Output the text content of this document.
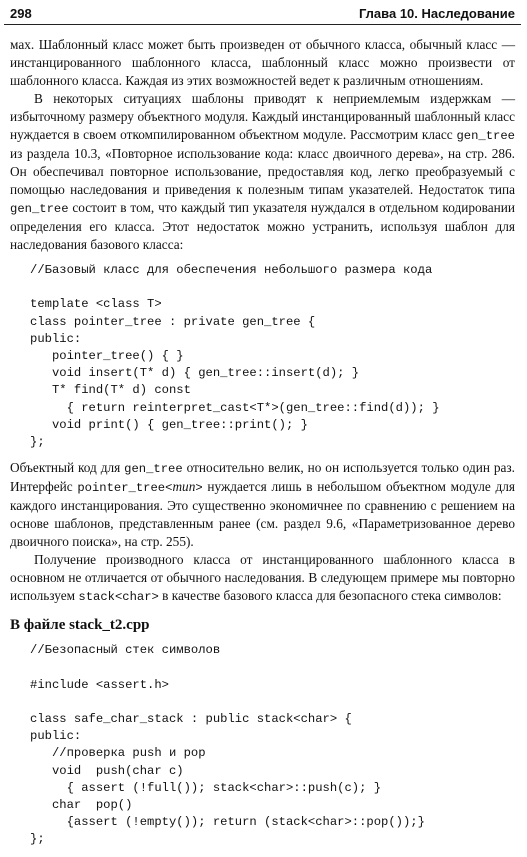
298	Глава 10. Наследование

мах. Шаблонный класс может быть произведен от обычного класса, обычный класс — инстанцированного шаблонного класса, шаблонный класс можно произвести от шаблонного класса. Каждая из этих возможностей ведет к различным отношениям.

В некоторых ситуациях шаблоны приводят к неприемлемым издержкам — избыточному размеру объектного модуля. Каждый инстанцированный шаблонный класс нуждается в своем откомпилированном объектном модуле. Рассмотрим класс gen_tree из раздела 10.3, «Повторное использование кода: класс двоичного дерева», на стр. 286. Он обеспечивал повторное использование, предоставляя код, легко преобразуемый с помощью наследования и приведения к полезным типам указателей. Недостаток типа gen_tree состоит в том, что каждый тип указателя нуждался в отдельном кодировании определения его класса. Этот недостаток можно устранить, используя шаблон для наследования базового класса:

//Базовый класс для обеспечения небольшого размера кода

template <class T>
class pointer_tree : private gen_tree {
public:
pointer_tree() { }
void insert(T* d) { gen_tree::insert(d); }
T* find(T* d) const
{ return reinterpret_cast<T*>(gen_tree::find(d)); }
void print() { gen_tree::print(); }
};

Объектный код для gen_tree относительно велик, но он используется только один раз. Интерфейс pointer_tree<тип> нуждается лишь в небольшом объектном модуле для каждого инстанцирования. Это существенно экономичнее по сравнению с решением на основе шаблонов, представленным ранее (см. раздел 9.6, «Параметризованное дерево двоичного поиска», на стр. 255).

Получение производного класса от инстанцированного шаблонного класса в основном не отличается от обычного наследования. В следующем примере мы повторно используем stack<char> в качестве базового класса для безопасного стека символов:

В файле stack_t2.cpp
//Безопасный стек символов

#include <assert.h>

class safe_char_stack : public stack<char> {
public:
//проверка push и pop
void  push(char c)
{ assert (!full()); stack<char>::push(c); }
char  pop()
{assert (!empty()); return (stack<char>::pop());}
};
